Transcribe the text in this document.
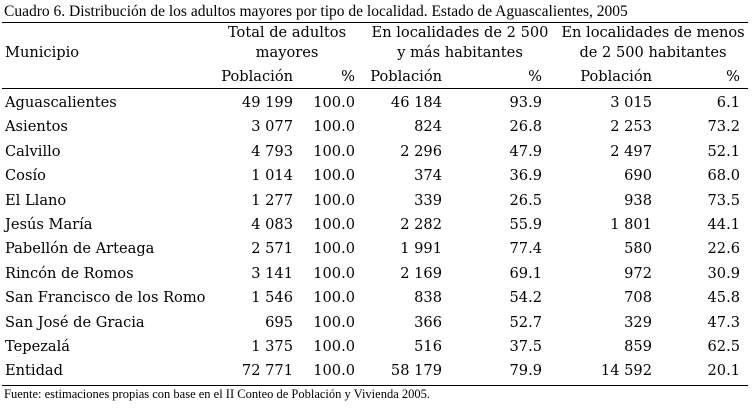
Cuadro 6. Distribución de los adultos mayores por tipo de localidad. Estado de Aguascalientes, 2005
Municipio
Total de adultos
mayores
En localidades de 2 500
y más habitantes
En localidades de menos
de 2 500 habitantes
Población	%	Población	%	Población	%
Aguascalientes	49 199	100.0	46 184	93.9	3 015	6.1
Asientos	3 077	100.0	824	26.8	2 253	73.2
Calvillo	4 793	100.0	2 296	47.9	2 497	52.1
Cosío	1 014	100.0	374	36.9	690	68.0
El Llano	1 277	100.0	339	26.5	938	73.5
Jesús María	4 083	100.0	2 282	55.9	1 801	44.1
Pabellón de Arteaga	2 571	100.0	1 991	77.4	580	22.6
Rincón de Romos	3 141	100.0	2 169	69.1	972	30.9
San Francisco de los Romo	1 546	100.0	838	54.2	708	45.8
San José de Gracia	695	100.0	366	52.7	329	47.3
Tepezalá	1 375	100.0	516	37.5	859	62.5
Entidad	72 771	100.0	58 179	79.9	14 592	20.1
Fuente: estimaciones propias con base en el II Conteo de Población y Vivienda 2005.
